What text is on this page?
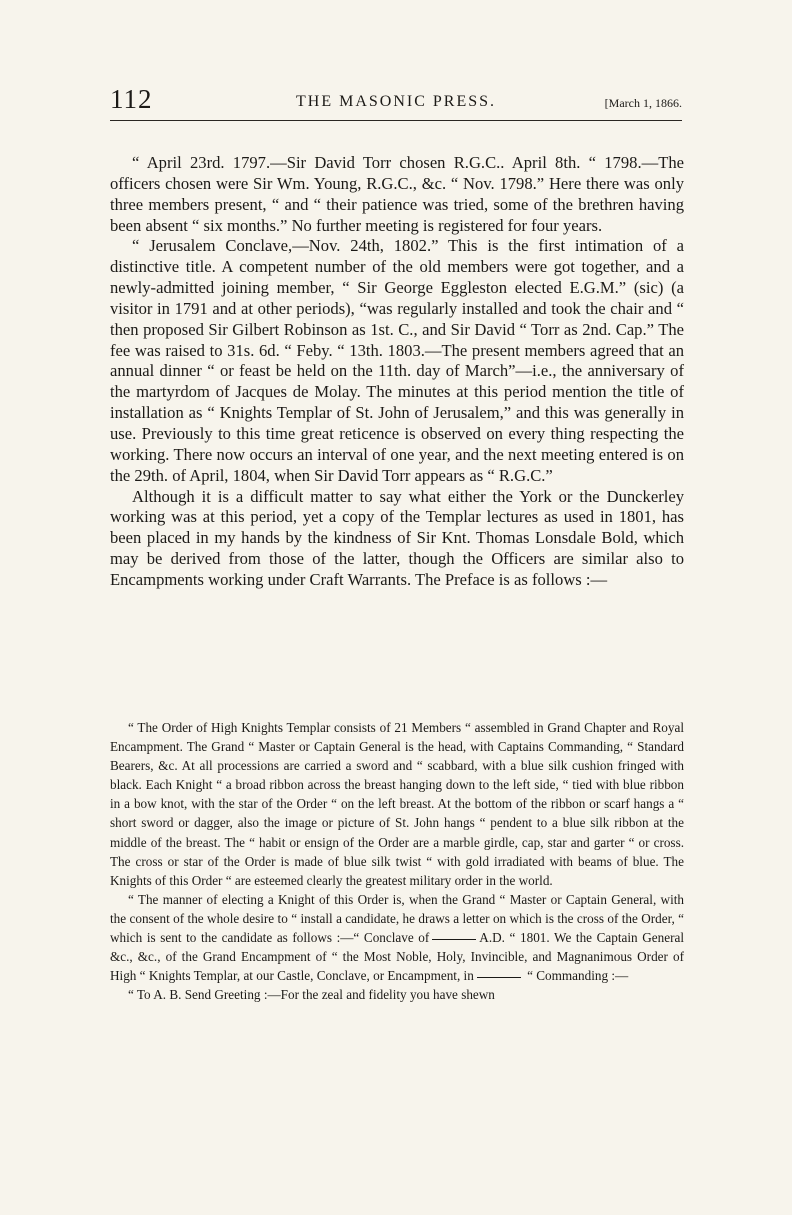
112	THE MASONIC PRESS.	[March 1, 1866.

“ April 23rd. 1797.—Sir David Torr chosen R.G.C.. April 8th. “ 1798.—The officers chosen were Sir Wm. Young, R.G.C., &c. “ Nov. 1798.” Here there was only three members present, “ and “ their patience was tried, some of the brethren having been absent “ six months.” No further meeting is registered for four years.

“ Jerusalem Conclave,—Nov. 24th, 1802.” This is the first intimation of a distinctive title. A competent number of the old members were got together, and a newly-admitted joining member, “ Sir George Eggleston elected E.G.M.” (sic) (a visitor in 1791 and at other periods), “was regularly installed and took the chair and “ then proposed Sir Gilbert Robinson as 1st. C., and Sir David “ Torr as 2nd. Cap.” The fee was raised to 31s. 6d. “ Feby. “ 13th. 1803.—The present members agreed that an annual dinner “ or feast be held on the 11th. day of March”—i.e., the anniversary of the martyrdom of Jacques de Molay. The minutes at this period mention the title of installation as “ Knights Templar of St. John of Jerusalem,” and this was generally in use. Previously to this time great reticence is observed on every thing respecting the working. There now occurs an interval of one year, and the next meeting entered is on the 29th. of April, 1804, when Sir David Torr appears as “ R.G.C.”

Although it is a difficult matter to say what either the York or the Dunckerley working was at this period, yet a copy of the Templar lectures as used in 1801, has been placed in my hands by the kindness of Sir Knt. Thomas Lonsdale Bold, which may be derived from those of the latter, though the Officers are similar also to Encampments working under Craft Warrants. The Preface is as follows :—

“ The Order of High Knights Templar consists of 21 Members “ assembled in Grand Chapter and Royal Encampment. The Grand “ Master or Captain General is the head, with Captains Commanding, “ Standard Bearers, &c. At all processions are carried a sword and “ scabbard, with a blue silk cushion fringed with black. Each Knight “ a broad ribbon across the breast hanging down to the left side, “ tied with blue ribbon in a bow knot, with the star of the Order “ on the left breast. At the bottom of the ribbon or scarf hangs a “ short sword or dagger, also the image or picture of St. John hangs “ pendent to a blue silk ribbon at the middle of the breast. The “ habit or ensign of the Order are a marble girdle, cap, star and garter “ or cross. The cross or star of the Order is made of blue silk twist “ with gold irradiated with beams of blue. The Knights of this Order “ are esteemed clearly the greatest military order in the world.

“ The manner of electing a Knight of this Order is, when the Grand “ Master or Captain General, with the consent of the whole desire to “ install a candidate, he draws a letter on which is the cross of the Order, “ which is sent to the candidate as follows :—“ Conclave of	A.D. “ 1801. We the Captain General &c., &c., of the Grand Encampment of “ the Most Noble, Holy, Invincible, and Magnanimous Order of High “ Knights Templar, at our Castle, Conclave, or Encampment, in	“ Commanding :—

“ To A. B. Send Greeting :—For the zeal and fidelity you have shewn
